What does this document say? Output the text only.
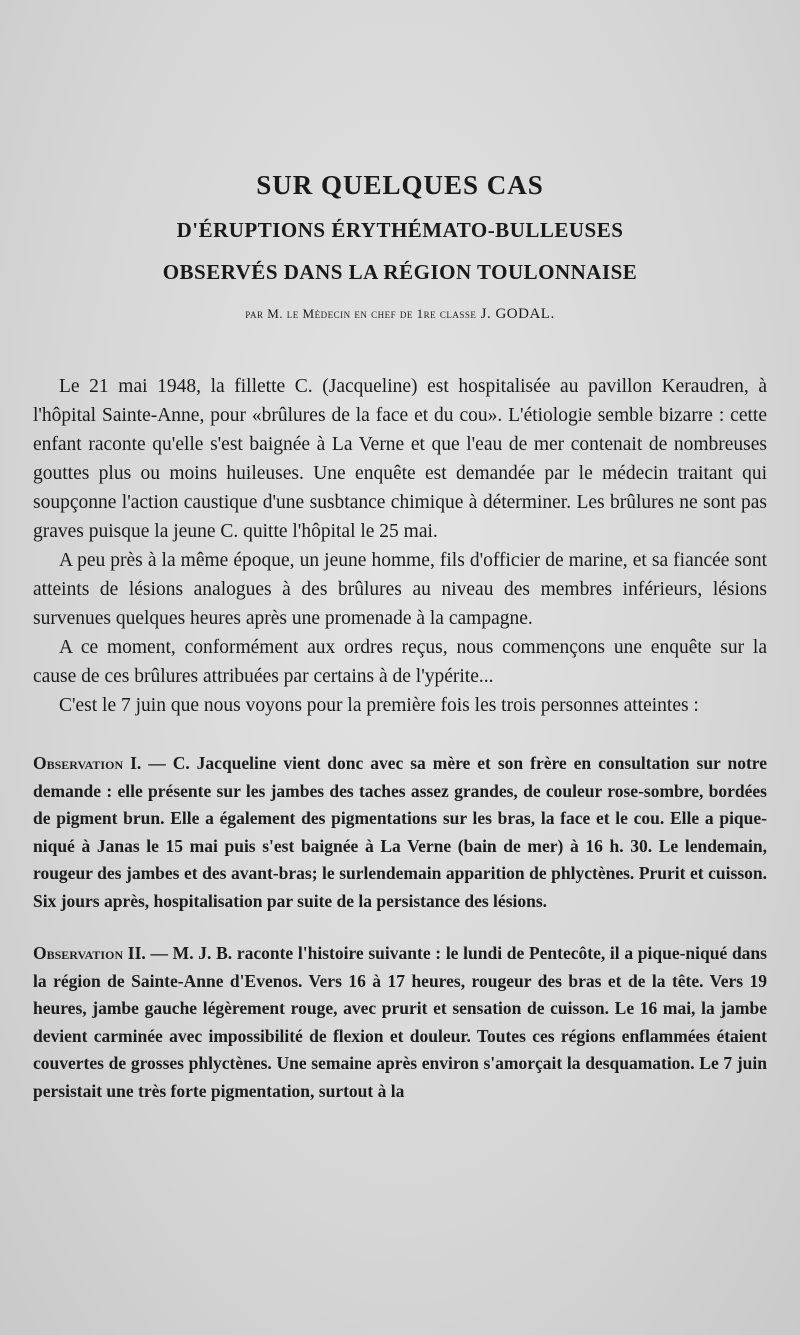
SUR QUELQUES CAS
D'ÉRUPTIONS ÉRYTHÉMATO-BULLEUSES
OBSERVÉS DANS LA RÉGION TOULONNAISE
par M. le Médecin en chef de 1re classe J. GODAL.

Le 21 mai 1948, la fillette C. (Jacqueline) est hospitalisée au pavillon Keraudren, à l'hôpital Sainte-Anne, pour «brûlures de la face et du cou». L'étiologie semble bizarre : cette enfant raconte qu'elle s'est baignée à La Verne et que l'eau de mer contenait de nombreuses gouttes plus ou moins huileuses. Une enquête est demandée par le médecin traitant qui soupçonne l'action caustique d'une susbtance chimique à déterminer. Les brûlures ne sont pas graves puisque la jeune C. quitte l'hôpital le 25 mai.

A peu près à la même époque, un jeune homme, fils d'officier de marine, et sa fiancée sont atteints de lésions analogues à des brûlures au niveau des membres inférieurs, lésions survenues quelques heures après une promenade à la campagne.

A ce moment, conformément aux ordres reçus, nous commençons une enquête sur la cause de ces brûlures attribuées par certains à de l'ypérite...

C'est le 7 juin que nous voyons pour la première fois les trois personnes atteintes :

Observation I. — C. Jacqueline vient donc avec sa mère et son frère en consultation sur notre demande : elle présente sur les jambes des taches assez grandes, de couleur rose-sombre, bordées de pigment brun. Elle a également des pigmentations sur les bras, la face et le cou. Elle a pique-niqué à Janas le 15 mai puis s'est baignée à La Verne (bain de mer) à 16 h. 30. Le lendemain, rougeur des jambes et des avant-bras; le surlendemain apparition de phlyctènes. Prurit et cuisson. Six jours après, hospitalisation par suite de la persistance des lésions.

Observation II. — M. J. B. raconte l'histoire suivante : le lundi de Pentecôte, il a pique-niqué dans la région de Sainte-Anne d'Evenos. Vers 16 à 17 heures, rougeur des bras et de la tête. Vers 19 heures, jambe gauche légèrement rouge, avec prurit et sensation de cuisson. Le 16 mai, la jambe devient carminée avec impossibilité de flexion et douleur. Toutes ces régions enflammées étaient couvertes de grosses phlyctènes. Une semaine après environ s'amorçait la desquamation. Le 7 juin persistait une très forte pigmentation, surtout à la
